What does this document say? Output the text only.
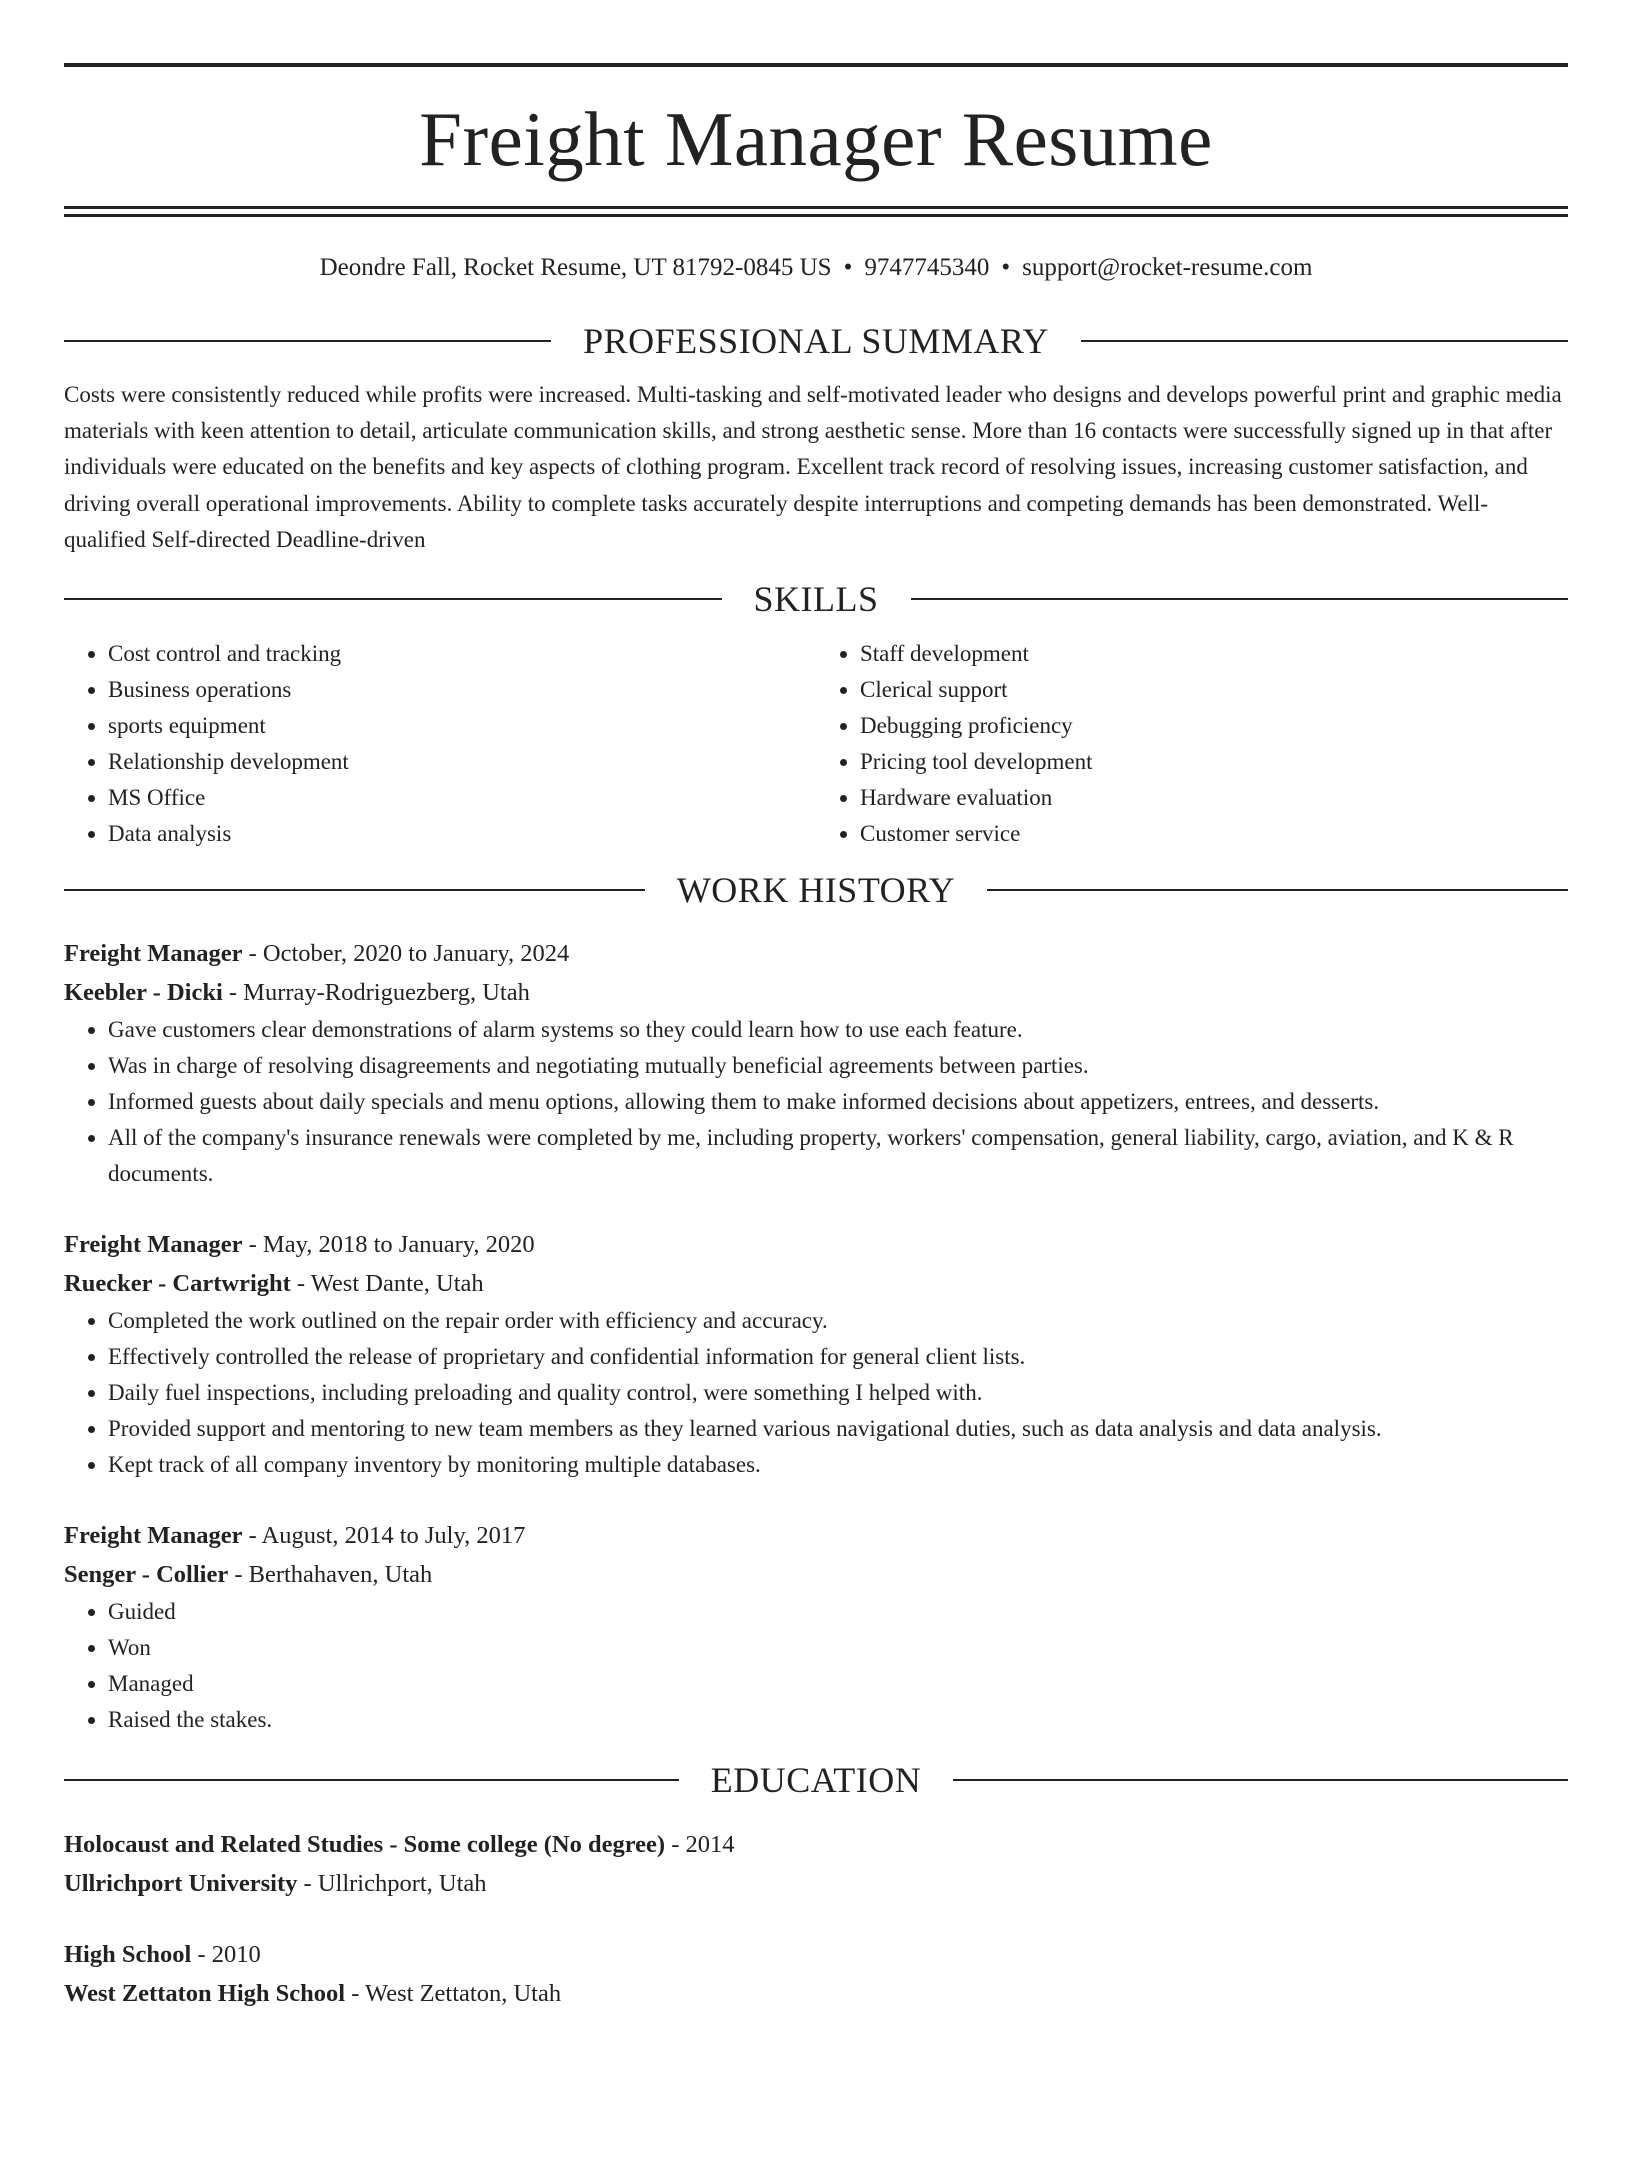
Freight Manager Resume
Deondre Fall, Rocket Resume, UT 81792-0845 US • 9747745340 • support@rocket-resume.com
PROFESSIONAL SUMMARY
Costs were consistently reduced while profits were increased. Multi-tasking and self-motivated leader who designs and develops powerful print and graphic media materials with keen attention to detail, articulate communication skills, and strong aesthetic sense. More than 16 contacts were successfully signed up in that after individuals were educated on the benefits and key aspects of clothing program. Excellent track record of resolving issues, increasing customer satisfaction, and driving overall operational improvements. Ability to complete tasks accurately despite interruptions and competing demands has been demonstrated. Well-qualified Self-directed Deadline-driven
SKILLS
• Cost control and tracking
• Business operations
• sports equipment
• Relationship development
• MS Office
• Data analysis
• Staff development
• Clerical support
• Debugging proficiency
• Pricing tool development
• Hardware evaluation
• Customer service
WORK HISTORY
Freight Manager - October, 2020 to January, 2024
Keebler - Dicki - Murray-Rodriguezberg, Utah
• Gave customers clear demonstrations of alarm systems so they could learn how to use each feature.
• Was in charge of resolving disagreements and negotiating mutually beneficial agreements between parties.
• Informed guests about daily specials and menu options, allowing them to make informed decisions about appetizers, entrees, and desserts.
• All of the company's insurance renewals were completed by me, including property, workers' compensation, general liability, cargo, aviation, and K & R documents.
Freight Manager - May, 2018 to January, 2020
Ruecker - Cartwright - West Dante, Utah
• Completed the work outlined on the repair order with efficiency and accuracy.
• Effectively controlled the release of proprietary and confidential information for general client lists.
• Daily fuel inspections, including preloading and quality control, were something I helped with.
• Provided support and mentoring to new team members as they learned various navigational duties, such as data analysis and data analysis.
• Kept track of all company inventory by monitoring multiple databases.
Freight Manager - August, 2014 to July, 2017
Senger - Collier - Berthahaven, Utah
• Guided
• Won
• Managed
• Raised the stakes.
EDUCATION
Holocaust and Related Studies - Some college (No degree) - 2014
Ullrichport University - Ullrichport, Utah
High School - 2010
West Zettaton High School - West Zettaton, Utah
